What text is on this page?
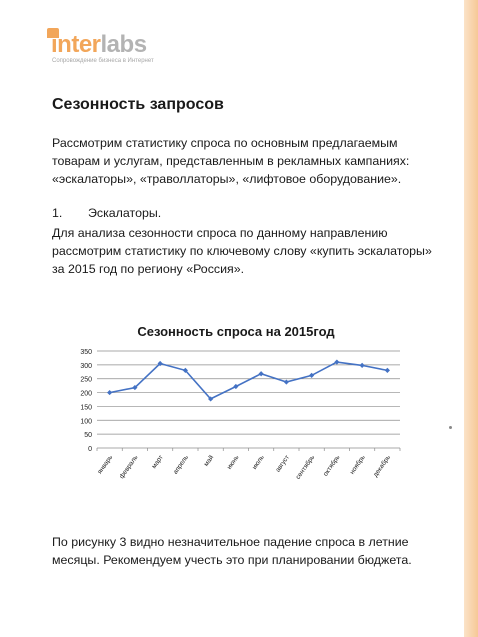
interlabs
Сопровождение бизнеса в Интернет
Сезонность запросов
Рассмотрим статистику спроса по основным предлагаемым
товарам и услугам, представленным в рекламных кампаниях:
«эскалаторы», «траволлаторы», «лифтовое оборудование».
1. Эскалаторы.
Для анализа сезонности спроса по данному направлению
рассмотрим статистику по ключевому слову «купить эскалаторы»
за 2015 год по региону «Россия».
Сезонность спроса на 2015год
0
50
100
150
200
250
300
350
январь февраль март апрель май июнь июль август сентябрь октябрь ноябрь декабрь
По рисунку 3 видно незначительное падение спроса в летние
месяцы. Рекомендуем учесть это при планировании бюджета.
